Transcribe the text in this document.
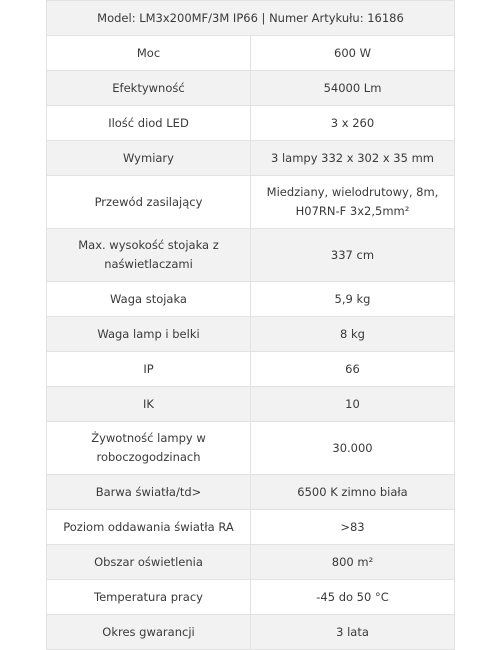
Model: LM3x200MF/3M IP66 | Numer Artykułu: 16186	
Moc	600 W
Efektywność	54000 Lm
Ilość diod LED	3 x 260
Wymiary	3 lampy 332 x 302 x 35 mm
Przewód zasilający	Miedziany, wielodrutowy, 8m, H07RN-F 3x2,5mm²
Max. wysokość stojaka z naświetlaczami	337 cm
Waga stojaka	5,9 kg
Waga lamp i belki	8 kg
IP	66
IK	10
Żywotność lampy w roboczogodzinach	30.000
Barwa światła/td>	6500 K zimno biała
Poziom oddawania światła RA	>83
Obszar oświetlenia	800 m²
Temperatura pracy	-45 do 50 °C
Okres gwarancji	3 lata
